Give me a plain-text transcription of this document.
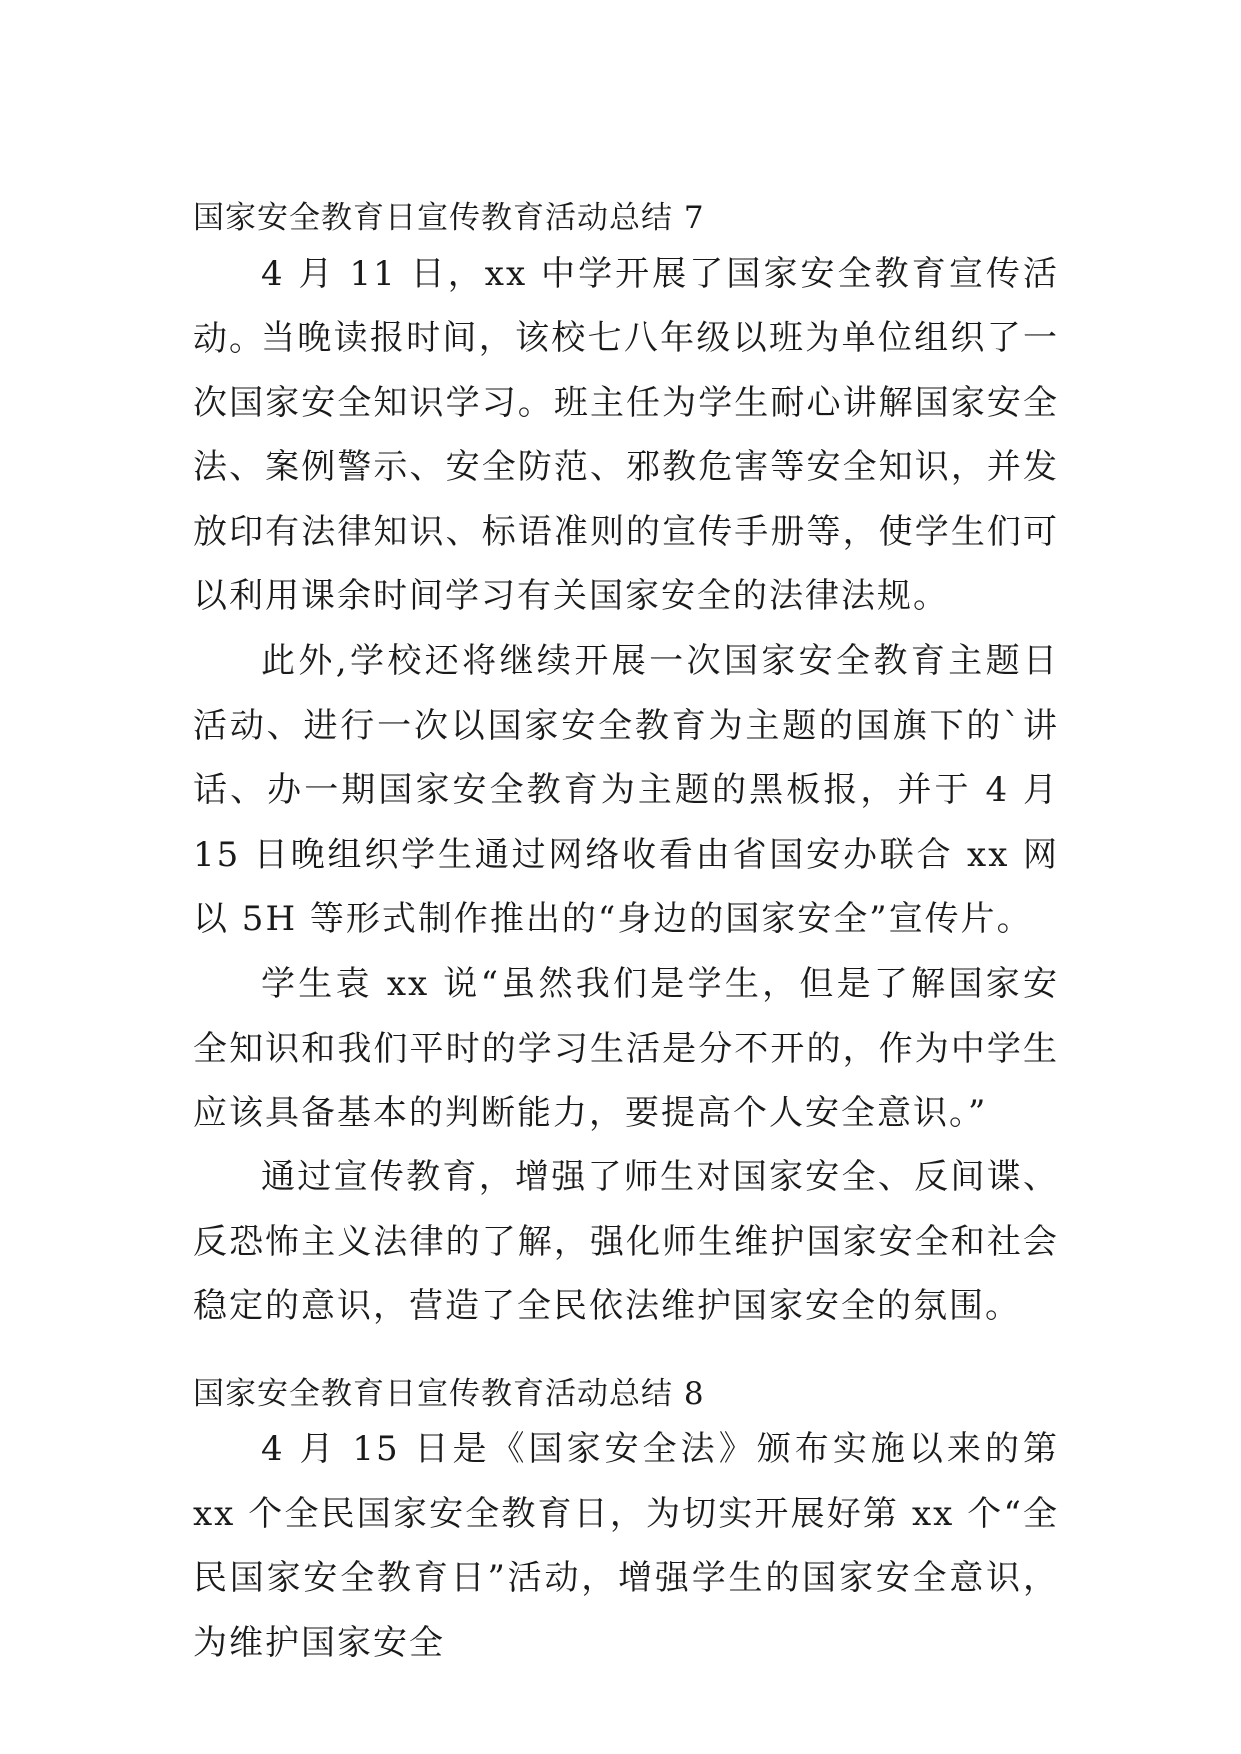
国家安全教育日宣传教育活动总结 7

4 月 11 日，xx 中学开展了国家安全教育宣传活动。

当晚读报时间，该校七八年级以班为单位组织了一次国家安全知识学习。班主任为学生耐心讲解国家安全法、案例警示、安全防范、邪教危害等安全知识，并发放印有法律知识、标语准则的宣传手册等，使学生们可以利用课余时间学习有关国家安全的法律法规。

此外,学校还将继续开展一次国家安全教育主题日活动、进行一次以国家安全教育为主题的国旗下的`讲话、办一期国家安全教育为主题的黑板报，并于 4 月 15 日晚组织学生通过网络收看由省国安办联合 xx 网以 5H 等形式制作推出的“身边的国家安全”宣传片。

学生袁 xx 说“虽然我们是学生，但是了解国家安全知识和我们平时的学习生活是分不开的，作为中学生应该具备基本的判断能力，要提高个人安全意识。”

通过宣传教育，增强了师生对国家安全、反间谍、反恐怖主义法律的了解，强化师生维护国家安全和社会稳定的意识，营造了全民依法维护国家安全的氛围。

国家安全教育日宣传教育活动总结 8

4 月 15 日是《国家安全法》颁布实施以来的第 xx 个全民国家安全教育日，为切实开展好第 xx 个“全民国家安全教育日”活动，增强学生的国家安全意识，为维护国家安全
